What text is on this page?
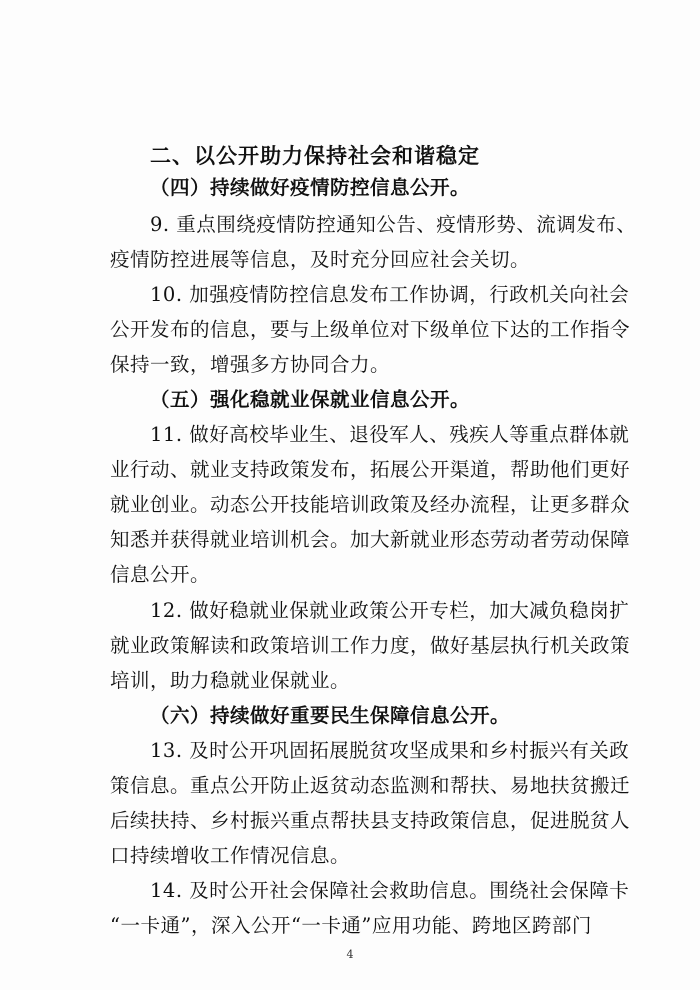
二、以公开助力保持社会和谐稳定

（四）持续做好疫情防控信息公开。

9. 重点围绕疫情防控通知公告、疫情形势、流调发布、

疫情防控进展等信息，及时充分回应社会关切。

10. 加强疫情防控信息发布工作协调，行政机关向社会

公开发布的信息，要与上级单位对下级单位下达的工作指令

保持一致，增强多方协同合力。

（五）强化稳就业保就业信息公开。

11. 做好高校毕业生、退役军人、残疾人等重点群体就

业行动、就业支持政策发布，拓展公开渠道，帮助他们更好

就业创业。动态公开技能培训政策及经办流程，让更多群众

知悉并获得就业培训机会。加大新就业形态劳动者劳动保障

信息公开。

12. 做好稳就业保就业政策公开专栏，加大减负稳岗扩

就业政策解读和政策培训工作力度，做好基层执行机关政策

培训，助力稳就业保就业。

（六）持续做好重要民生保障信息公开。

13. 及时公开巩固拓展脱贫攻坚成果和乡村振兴有关政

策信息。重点公开防止返贫动态监测和帮扶、易地扶贫搬迁

后续扶持、乡村振兴重点帮扶县支持政策信息，促进脱贫人

口持续增收工作情况信息。

14. 及时公开社会保障社会救助信息。围绕社会保障卡

“一卡通”，深入公开“一卡通”应用功能、跨地区跨部门

4
